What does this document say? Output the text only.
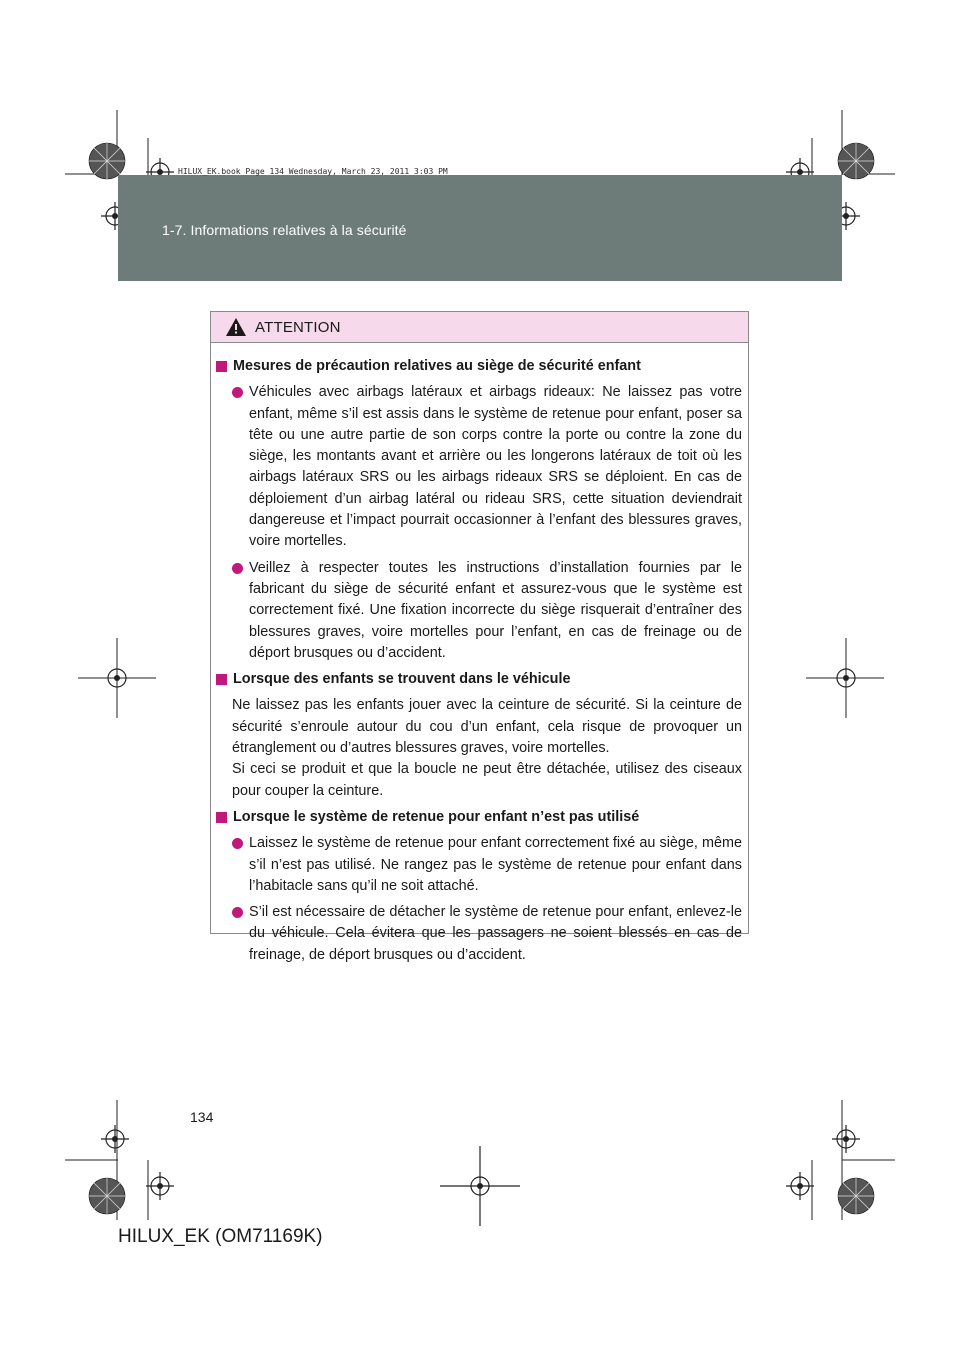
HILUX_EK.book Page 134 Wednesday, March 23, 2011 3:03 PM
1-7. Informations relatives à la sécurité
ATTENTION
Mesures de précaution relatives au siège de sécurité enfant
Véhicules avec airbags latéraux et airbags rideaux: Ne laissez pas votre enfant, même s’il est assis dans le système de retenue pour enfant, poser sa tête ou une autre partie de son corps contre la porte ou contre la zone du siège, les montants avant et arrière ou les longerons latéraux de toit où les airbags latéraux SRS ou les airbags rideaux SRS se déploient. En cas de déploiement d’un airbag latéral ou rideau SRS, cette situation deviendrait dangereuse et l’impact pourrait occasionner à l’enfant des blessures graves, voire mortelles.
Veillez à respecter toutes les instructions d’installation fournies par le fabricant du siège de sécurité enfant et assurez-vous que le système est correctement fixé. Une fixation incorrecte du siège risquerait d’entraîner des blessures graves, voire mortelles pour l’enfant, en cas de freinage ou de déport brusques ou d’accident.
Lorsque des enfants se trouvent dans le véhicule
Ne laissez pas les enfants jouer avec la ceinture de sécurité. Si la ceinture de sécurité s’enroule autour du cou d’un enfant, cela risque de provoquer un étranglement ou d’autres blessures graves, voire mortelles.
Si ceci se produit et que la boucle ne peut être détachée, utilisez des ciseaux pour couper la ceinture.
Lorsque le système de retenue pour enfant n’est pas utilisé
Laissez le système de retenue pour enfant correctement fixé au siège, même s’il n’est pas utilisé. Ne rangez pas le système de retenue pour enfant dans l’habitacle sans qu’il ne soit attaché.
S’il est nécessaire de détacher le système de retenue pour enfant, enlevez-le du véhicule. Cela évitera que les passagers ne soient blessés en cas de freinage, de déport brusques ou d’accident.
134
HILUX_EK (OM71169K)
